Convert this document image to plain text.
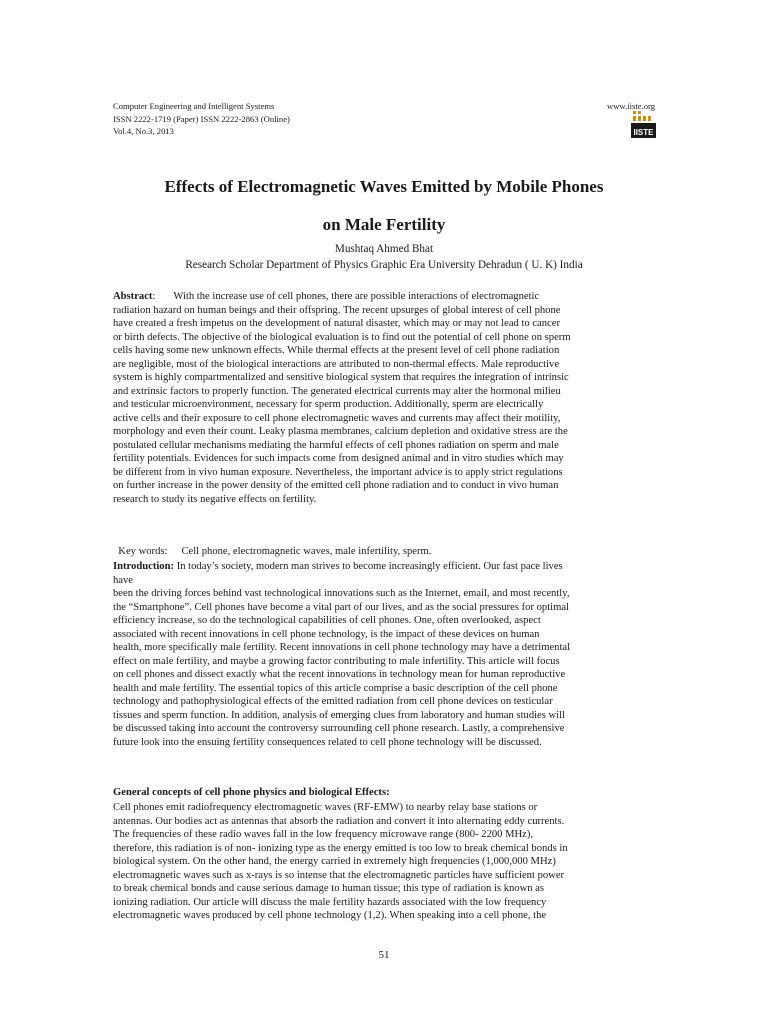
Computer Engineering and Intelligent Systems
ISSN 2222-1719 (Paper) ISSN 2222-2863 (Online)
Vol.4, No.3, 2013
www.iiste.org
IISTE
Effects of Electromagnetic Waves Emitted by Mobile Phones
on Male Fertility
Mushtaq Ahmed Bhat
Research Scholar Department of Physics Graphic Era University Dehradun ( U. K) India
Abstract: With the increase use of cell phones, there are possible interactions of electromagnetic
radiation hazard on human beings and their offspring. The recent upsurges of global interest of cell phone
have created a fresh impetus on the development of natural disaster, which may or may not lead to cancer
or birth defects. The objective of the biological evaluation is to find out the potential of cell phone on sperm
cells having some new unknown effects. While thermal effects at the present level of cell phone radiation
are negligible, most of the biological interactions are attributed to non-thermal effects. Male reproductive
system is highly compartmentalized and sensitive biological system that requires the integration of intrinsic
and extrinsic factors to properly function. The generated electrical currents may alter the hormonal milieu
and testicular microenvironment, necessary for sperm production. Additionally, sperm are electrically
active cells and their exposure to cell phone electromagnetic waves and currents may affect their motility,
morphology and even their count. Leaky plasma membranes, calcium depletion and oxidative stress are the
postulated cellular mechanisms mediating the harmful effects of cell phones radiation on sperm and male
fertility potentials. Evidences for such impacts come from designed animal and in vitro studies which may
be different from in vivo human exposure. Nevertheless, the important advice is to apply strict regulations
on further increase in the power density of the emitted cell phone radiation and to conduct in vivo human
research to study its negative effects on fertility.
Key words: Cell phone, electromagnetic waves, male infertility, sperm.
Introduction: In today’s society, modern man strives to become increasingly efficient. Our fast pace lives
have
been the driving forces behind vast technological innovations such as the Internet, email, and most recently,
the “Smartphone”. Cell phones have become a vital part of our lives, and as the social pressures for optimal
efficiency increase, so do the technological capabilities of cell phones. One, often overlooked, aspect
associated with recent innovations in cell phone technology, is the impact of these devices on human
health, more specifically male fertility. Recent innovations in cell phone technology may have a detrimental
effect on male fertility, and maybe a growing factor contributing to male infertility. This article will focus
on cell phones and dissect exactly what the recent innovations in technology mean for human reproductive
health and male fertility. The essential topics of this article comprise a basic description of the cell phone
technology and pathophysiological effects of the emitted radiation from cell phone devices on testicular
tissues and sperm function. In addition, analysis of emerging clues from laboratory and human studies will
be discussed taking into account the controversy surrounding cell phone research. Lastly, a comprehensive
future look into the ensuing fertility consequences related to cell phone technology will be discussed.
General concepts of cell phone physics and biological Effects:
Cell phones emit radiofrequency electromagnetic waves (RF-EMW) to nearby relay base stations or
antennas. Our bodies act as antennas that absorb the radiation and convert it into alternating eddy currents.
The frequencies of these radio waves fall in the low frequency microwave range (800- 2200 MHz),
therefore, this radiation is of non- ionizing type as the energy emitted is too low to break chemical bonds in
biological system. On the other hand, the energy carried in extremely high frequencies (1,000,000 MHz)
electromagnetic waves such as x-rays is so intense that the electromagnetic particles have sufficient power
to break chemical bonds and cause serious damage to human tissue; this type of radiation is known as
ionizing radiation. Our article will discuss the male fertility hazards associated with the low frequency
electromagnetic waves produced by cell phone technology (1,2). When speaking into a cell phone, the
51
